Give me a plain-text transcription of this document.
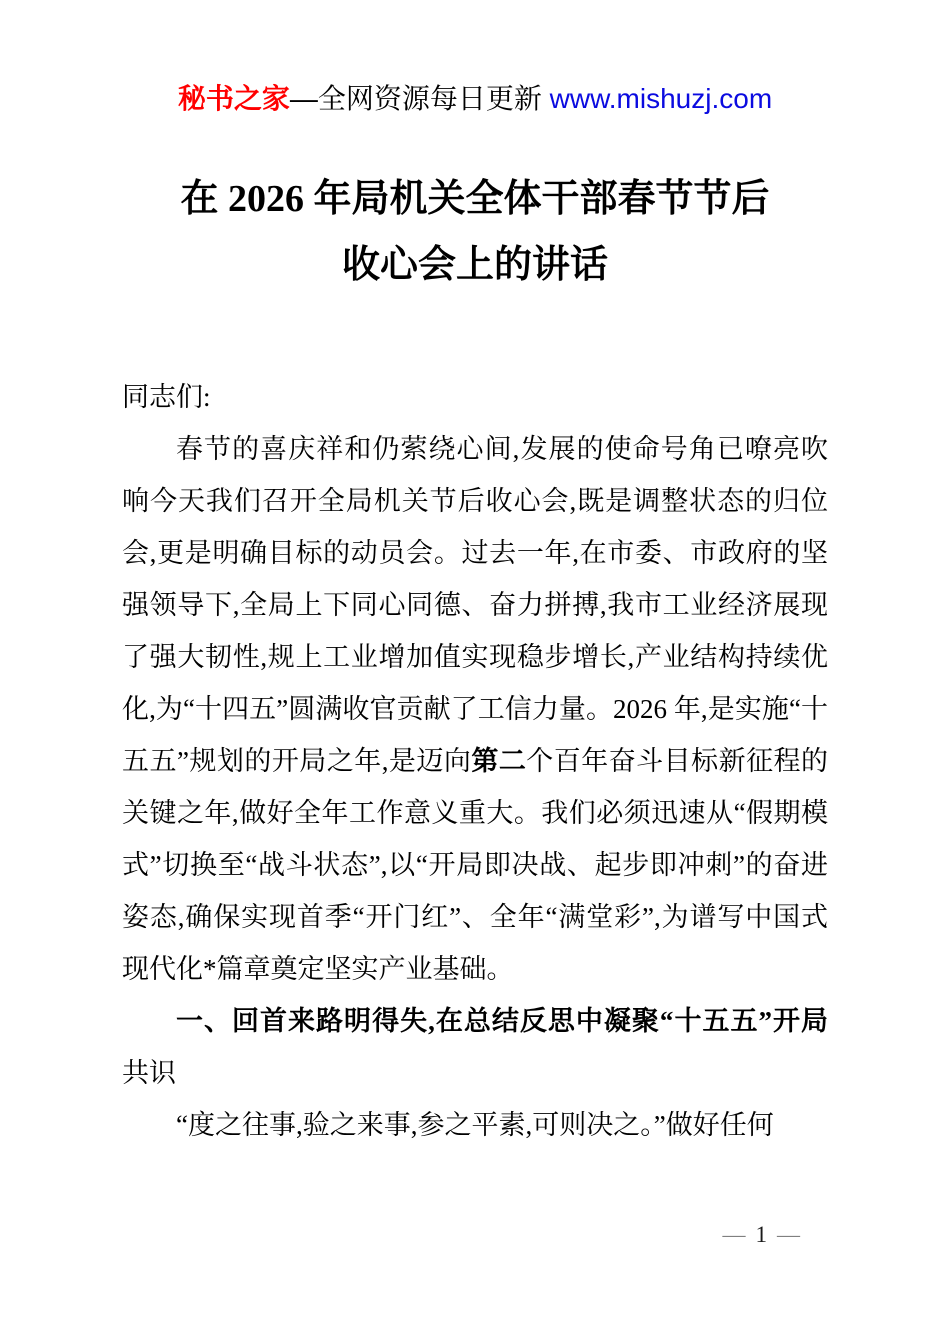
秘书之家—全网资源每日更新 www.mishuzj.com
在 2026 年局机关全体干部春节节后
收心会上的讲话

同志们:

春节的喜庆祥和仍萦绕心间,发展的使命号角已嘹亮吹响今天我们召开全局机关节后收心会,既是调整状态的归位会,更是明确目标的动员会。过去一年,在市委、市政府的坚强领导下,全局上下同心同德、奋力拼搏,我市工业经济展现了强大韧性,规上工业增加值实现稳步增长,产业结构持续优化,为“十四五”圆满收官贡献了工信力量。2026 年,是实施“十五五”规划的开局之年,是迈向第二个百年奋斗目标新征程的关键之年,做好全年工作意义重大。我们必须迅速从“假期模式”切换至“战斗状态”,以“开局即决战、起步即冲刺”的奋进姿态,确保实现首季“开门红”、全年“满堂彩”,为谱写中国式现代化*篇章奠定坚实产业基础。

一、回首来路明得失,在总结反思中凝聚“十五五”开局共识

“度之往事,验之来事,参之平素,可则决之。”做好任何

— 1 —
